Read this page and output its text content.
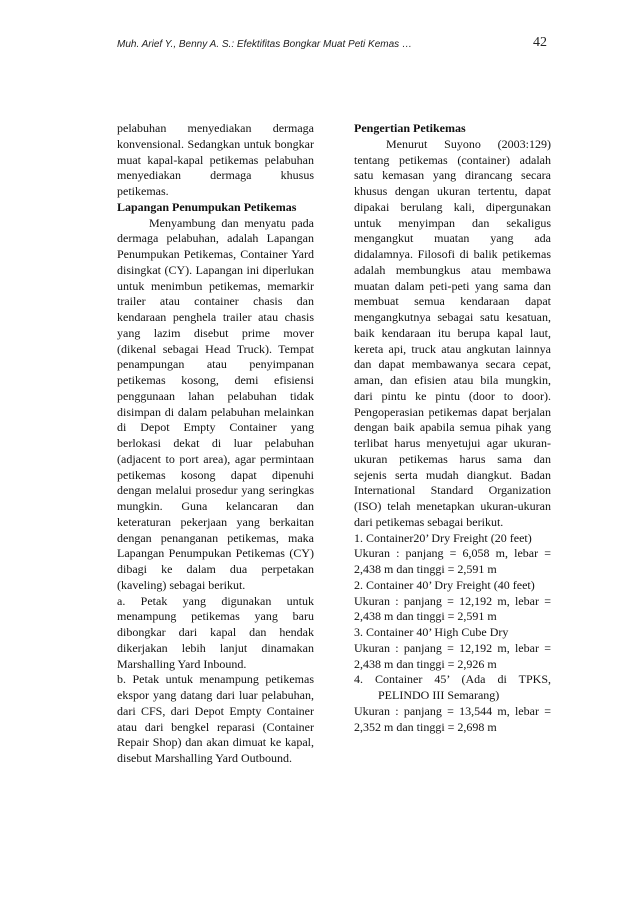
Muh. Arief Y., Benny A. S.: Efektifitas Bongkar Muat Peti Kemas …	42

pelabuhan menyediakan dermaga konvensional. Sedangkan untuk bongkar muat kapal-kapal petikemas pelabuhan menyediakan dermaga khusus petikemas.

Lapangan Penumpukan Petikemas

Menyambung dan menyatu pada dermaga pelabuhan, adalah Lapangan Penumpukan Petikemas, Container Yard disingkat (CY). Lapangan ini diperlukan untuk menimbun petikemas, memarkir trailer atau container chasis dan kendaraan penghela trailer atau chasis yang lazim disebut prime mover (dikenal sebagai Head Truck). Tempat penampungan atau penyimpanan petikemas kosong, demi efisiensi penggunaan lahan pelabuhan tidak disimpan di dalam pelabuhan melainkan di Depot Empty Container yang berlokasi dekat di luar pelabuhan (adjacent to port area), agar permintaan petikemas kosong dapat dipenuhi dengan melalui prosedur yang seringkas mungkin. Guna kelancaran dan keteraturan pekerjaan yang berkaitan dengan penanganan petikemas, maka Lapangan Penumpukan Petikemas (CY) dibagi ke dalam dua perpetakan (kaveling) sebagai berikut.

a. Petak yang digunakan untuk menampung petikemas yang baru dibongkar dari kapal dan hendak dikerjakan lebih lanjut dinamakan Marshalling Yard Inbound.

b. Petak untuk menampung petikemas ekspor yang datang dari luar pelabuhan, dari CFS, dari Depot Empty Container atau dari bengkel reparasi (Container Repair Shop) dan akan dimuat ke kapal, disebut Marshalling Yard Outbound.

Pengertian Petikemas

Menurut Suyono (2003:129) tentang petikemas (container) adalah satu kemasan yang dirancang secara khusus dengan ukuran tertentu, dapat dipakai berulang kali, dipergunakan untuk menyimpan dan sekaligus mengangkut muatan yang ada didalamnya. Filosofi di balik petikemas adalah membungkus atau membawa muatan dalam peti-peti yang sama dan membuat semua kendaraan dapat mengangkutnya sebagai satu kesatuan, baik kendaraan itu berupa kapal laut, kereta api, truck atau angkutan lainnya dan dapat membawanya secara cepat, aman, dan efisien atau bila mungkin, dari pintu ke pintu (door to door). Pengoperasian petikemas dapat berjalan dengan baik apabila semua pihak yang terlibat harus menyetujui agar ukuran-ukuran petikemas harus sama dan sejenis serta mudah diangkut. Badan International Standard Organization (ISO) telah menetapkan ukuran-ukuran dari petikemas sebagai berikut.

1. Container20’ Dry Freight (20 feet)

Ukuran : panjang = 6,058 m, lebar = 2,438 m dan tinggi = 2,591 m

2. Container 40’ Dry Freight (40 feet)

Ukuran : panjang = 12,192 m, lebar = 2,438 m dan tinggi = 2,591 m

3. Container 40’ High Cube Dry

Ukuran : panjang = 12,192 m, lebar = 2,438 m dan tinggi = 2,926 m

4. Container 45’ (Ada di TPKS, PELINDO III Semarang)

Ukuran : panjang = 13,544 m, lebar = 2,352 m dan tinggi = 2,698 m
